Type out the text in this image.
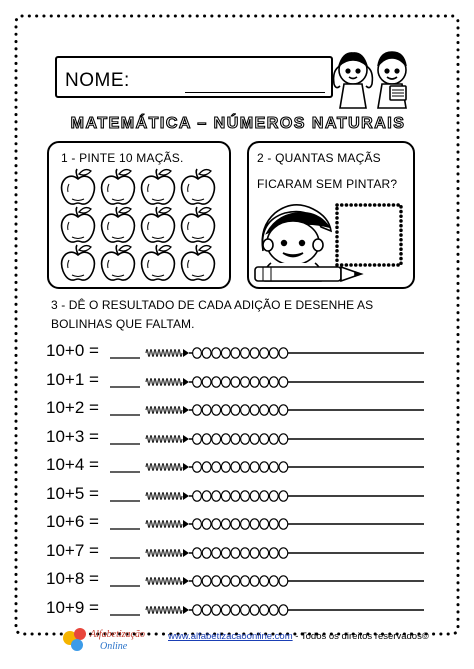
NOME:
MATEMÁTICA – NÚMEROS NATURAIS
1 - PINTE 10 MAÇÃS.	2 - QUANTAS MAÇÃS
FICARAM SEM PINTAR?
3 - DÊ O RESULTADO DE CADA ADIÇÃO E DESENHE AS BOLINHAS QUE FALTAM.
10+0 =
10+1 =
10+2 =
10+3 =
10+4 =
10+5 =
10+6 =
10+7 =
10+8 =
10+9 =
Alfabetização
Online
www.alfabetizacaoonline.com - Todos os direitos reservados©
